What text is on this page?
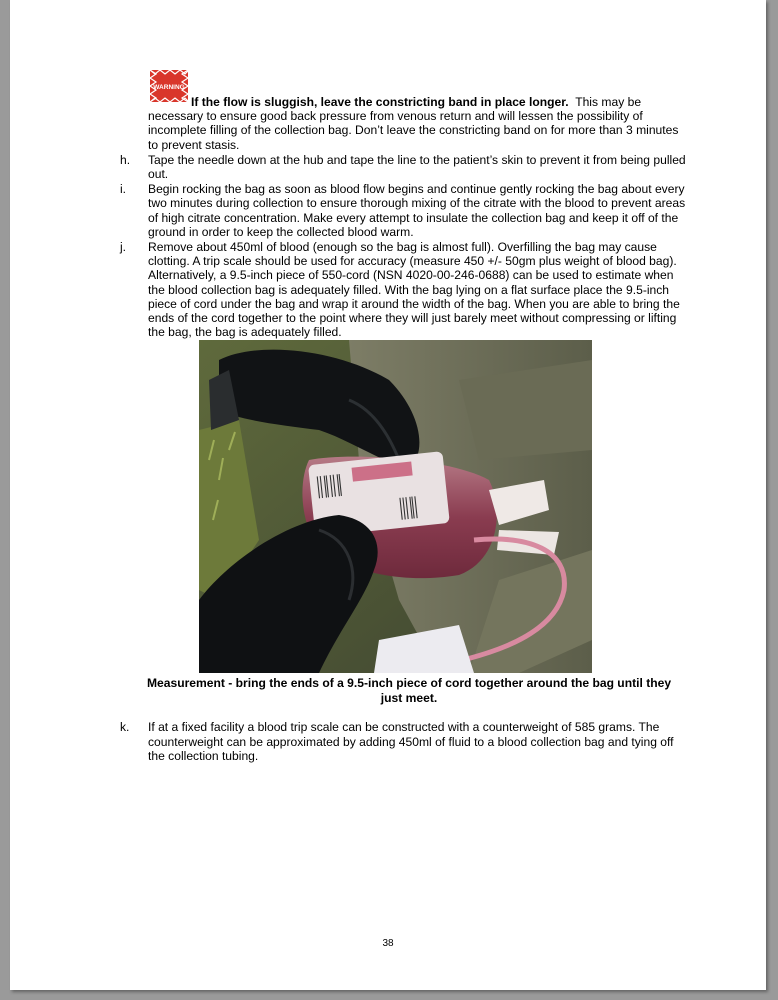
WARNING
If the flow is sluggish, leave the constricting band in place longer. This may be necessary to ensure good back pressure from venous return and will lessen the possibility of incomplete filling of the collection bag. Don’t leave the constricting band on for more than 3 minutes to prevent stasis.
h. Tape the needle down at the hub and tape the line to the patient’s skin to prevent it from being pulled out.
i. Begin rocking the bag as soon as blood flow begins and continue gently rocking the bag about every two minutes during collection to ensure thorough mixing of the citrate with the blood to prevent areas of high citrate concentration. Make every attempt to insulate the collection bag and keep it off of the ground in order to keep the collected blood warm.
j. Remove about 450ml of blood (enough so the bag is almost full). Overfilling the bag may cause clotting. A trip scale should be used for accuracy (measure 450 +/- 50gm plus weight of blood bag). Alternatively, a 9.5-inch piece of 550-cord (NSN 4020-00-246-0688) can be used to estimate when the blood collection bag is adequately filled. With the bag lying on a flat surface place the 9.5-inch piece of cord under the bag and wrap it around the width of the bag. When you are able to bring the ends of the cord together to the point where they will just barely meet without compressing or lifting the bag, the bag is adequately filled.
Measurement - bring the ends of a 9.5-inch piece of cord together around the bag until they just meet.
k. If at a fixed facility a blood trip scale can be constructed with a counterweight of 585 grams. The counterweight can be approximated by adding 450ml of fluid to a blood collection bag and tying off the collection tubing.
38
